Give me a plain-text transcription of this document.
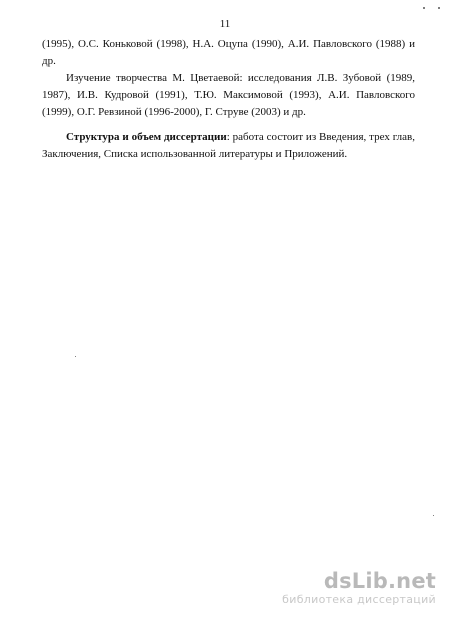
11
(1995), О.С. Коньковой (1998), Н.А. Оцупа (1990), А.И. Павловского (1988) и
др.
Изучение творчества М. Цветаевой: исследования Л.В. Зубовой (1989,
1987), И.В. Кудровой (1991), Т.Ю. Максимовой (1993), А.И. Павловского
(1999), О.Г. Ревзиной (1996-2000), Г. Струве (2003) и др.
Структура и объем диссертации: работа состоит из Введения, трех глав,
Заключения, Списка использованной литературы и Приложений.
dsLib.net
библиотека диссертаций
